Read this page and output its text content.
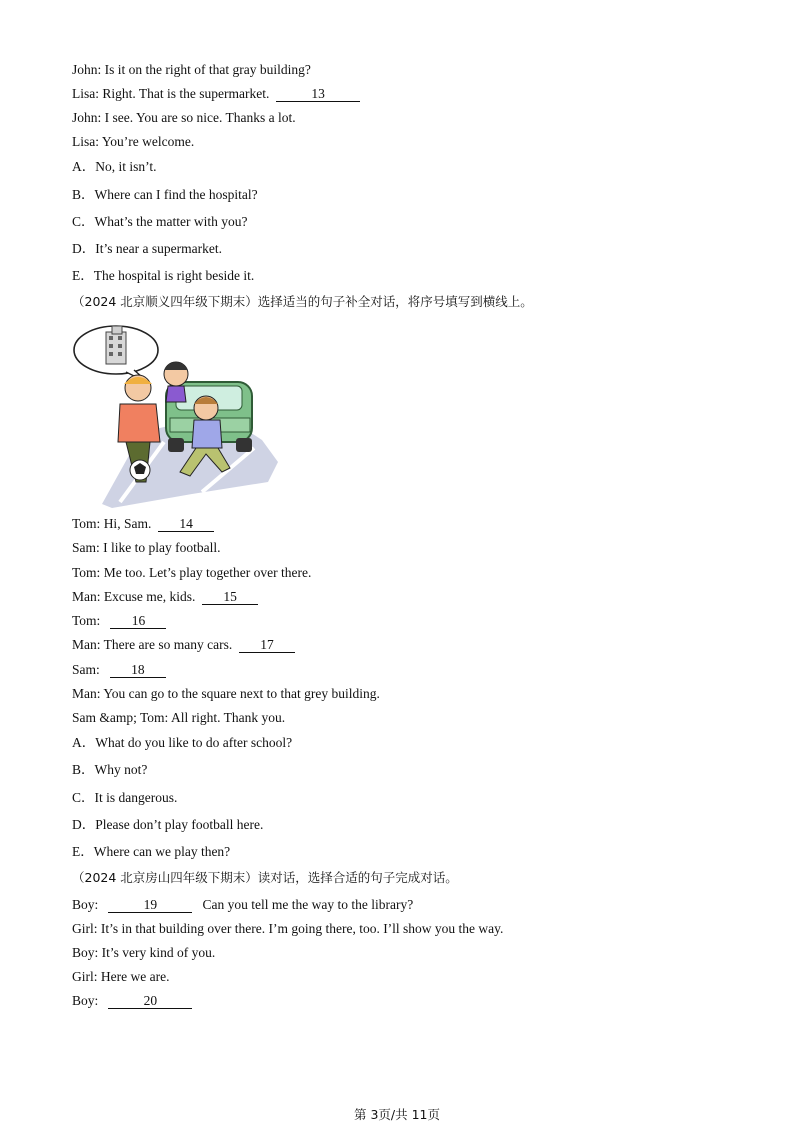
John: Is it on the right of that gray building?
Lisa: Right. That is the supermarket.	13
John: I see. You are so nice. Thanks a lot.
Lisa: You’re welcome.
A．No, it isn’t.
B．Where can I find the hospital?
C．What’s the matter with you?
D．It’s near a supermarket.
E．The hospital is right beside it.
（2024 北京顺义四年级下期末）选择适当的句子补全对话，将序号填写到横线上。
Tom: Hi, Sam. 14
Sam: I like to play football.
Tom: Me too. Let’s play together over there.
Man: Excuse me, kids. 15
Tom: 16
Man: There are so many cars. 17
Sam: 18
Man: You can go to the square next to that grey building.
Sam &amp; Tom: All right. Thank you.
A．What do you like to do after school?
B．Why not?
C．It is dangerous.
D．Please don’t play football here.
E．Where can we play then?
（2024 北京房山四年级下期末）读对话，选择合适的句子完成对话。
Boy:	19	Can you tell me the way to the library?
Girl: It’s in that building over there. I’m going there, too. I’ll show you the way.
Boy: It’s very kind of you.
Girl: Here we are.
Boy:	20
第 3页/共 11页
